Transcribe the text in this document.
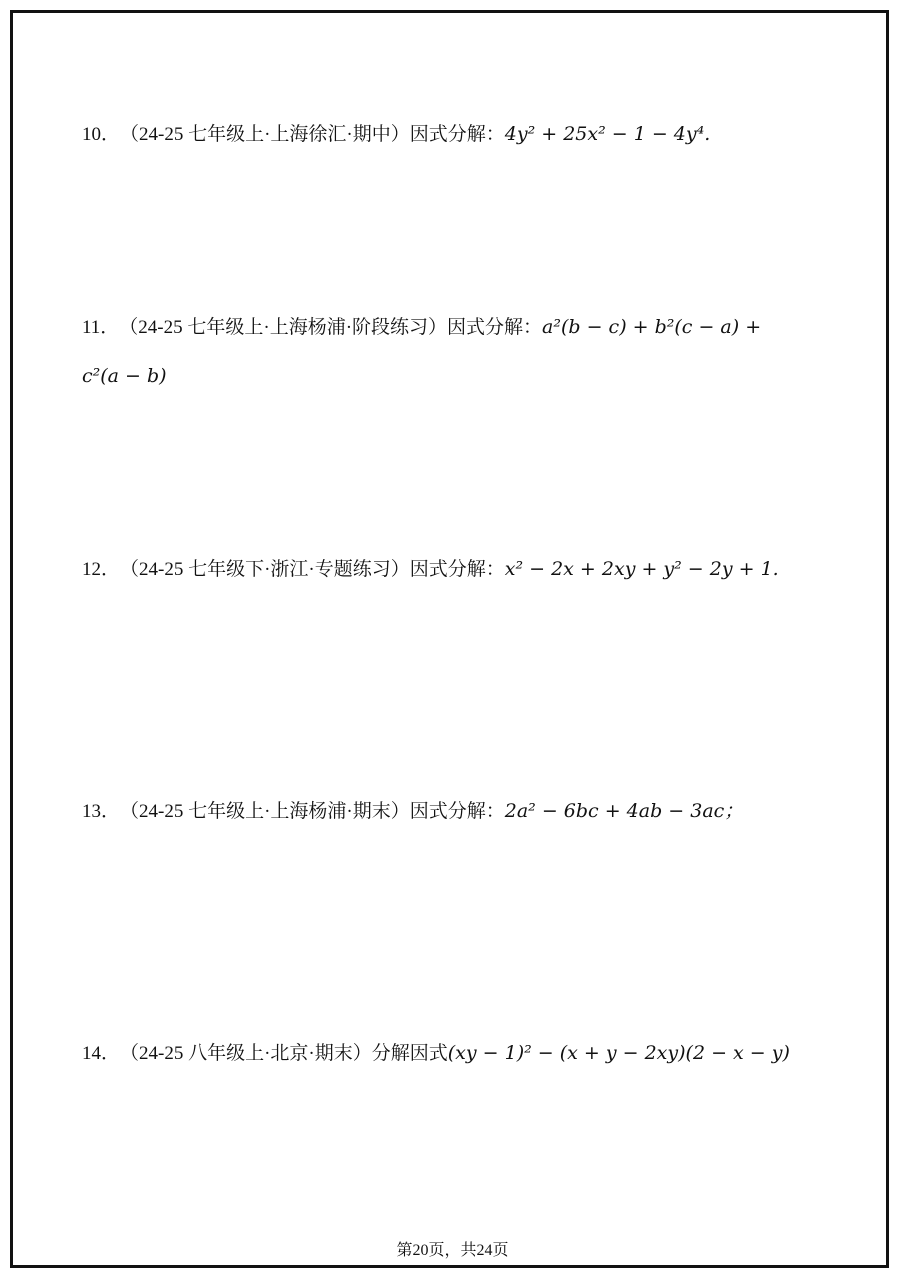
10．（24-25 七年级上·上海徐汇·期中）因式分解：4y² + 25x² − 1 − 4y⁴.
11．（24-25 七年级上·上海杨浦·阶段练习）因式分解：a²(b − c) + b²(c − a) +
c²(a − b)
12．（24-25 七年级下·浙江·专题练习）因式分解：x² − 2x + 2xy + y² − 2y + 1.
13．（24-25 七年级上·上海杨浦·期末）因式分解：2a² − 6bc + 4ab − 3ac；
14．（24-25 八年级上·北京·期末）分解因式(xy − 1)² − (x + y − 2xy)(2 − x − y)
第20页，共24页
